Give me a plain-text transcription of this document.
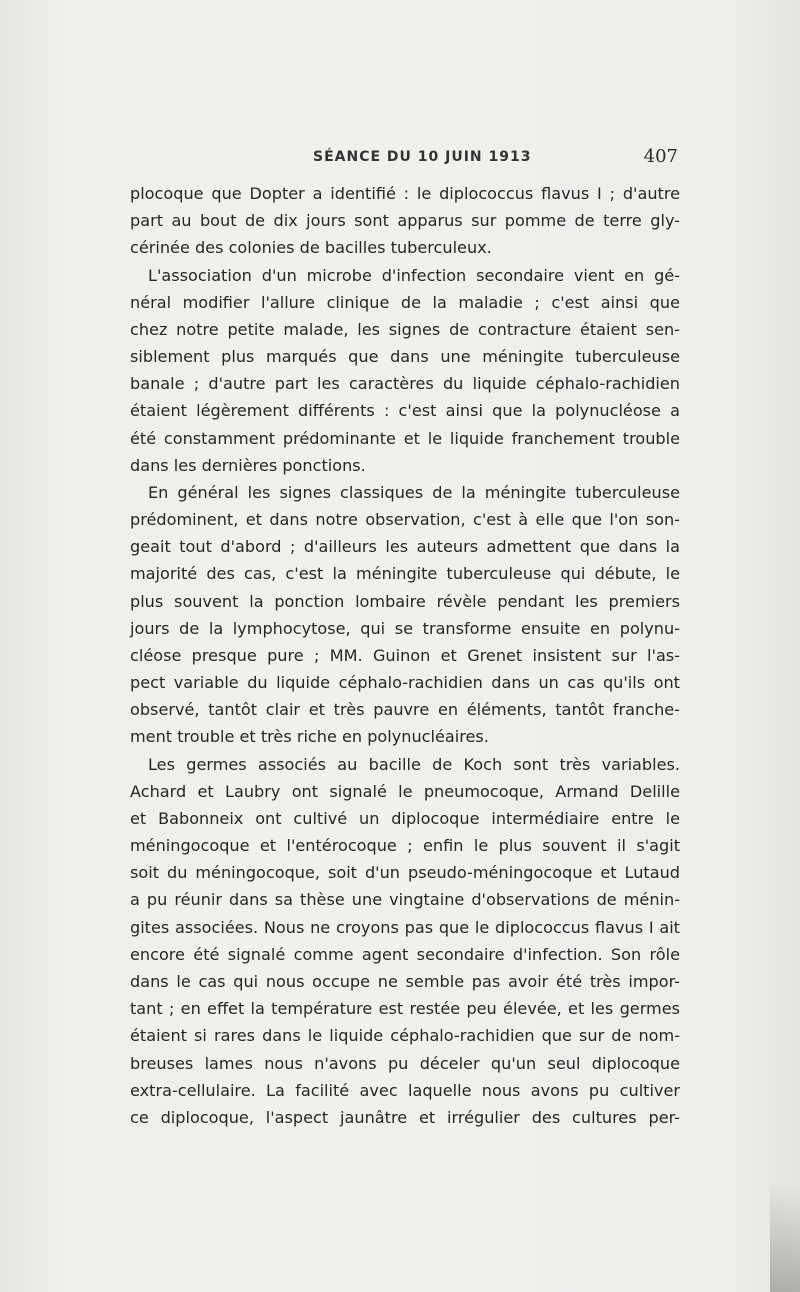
SÉANCE DU 10 JUIN 1913	407
plocoque que Dopter a identifié : le diplococcus flavus I ; d'autre
part au bout de dix jours sont apparus sur pomme de terre gly-
cérinée des colonies de bacilles tuberculeux.
L'association d'un microbe d'infection secondaire vient en gé-
néral modifier l'allure clinique de la maladie ; c'est ainsi que
chez notre petite malade, les signes de contracture étaient sen-
siblement plus marqués que dans une méningite tuberculeuse
banale ; d'autre part les caractères du liquide céphalo-rachidien
étaient légèrement différents : c'est ainsi que la polynucléose a
été constamment prédominante et le liquide franchement trouble
dans les dernières ponctions.
En général les signes classiques de la méningite tuberculeuse
prédominent, et dans notre observation, c'est à elle que l'on son-
geait tout d'abord ; d'ailleurs les auteurs admettent que dans la
majorité des cas, c'est la méningite tuberculeuse qui débute, le
plus souvent la ponction lombaire révèle pendant les premiers
jours de la lymphocytose, qui se transforme ensuite en polynu-
cléose presque pure ; MM. Guinon et Grenet insistent sur l'as-
pect variable du liquide céphalo-rachidien dans un cas qu'ils ont
observé, tantôt clair et très pauvre en éléments, tantôt franche-
ment trouble et très riche en polynucléaires.
Les germes associés au bacille de Koch sont très variables.
Achard et Laubry ont signalé le pneumocoque, Armand Delille
et Babonneix ont cultivé un diplocoque intermédiaire entre le
méningocoque et l'entérocoque ; enfin le plus souvent il s'agit
soit du méningocoque, soit d'un pseudo-méningocoque et Lutaud
a pu réunir dans sa thèse une vingtaine d'observations de ménin-
gites associées. Nous ne croyons pas que le diplococcus flavus I ait
encore été signalé comme agent secondaire d'infection. Son rôle
dans le cas qui nous occupe ne semble pas avoir été très impor-
tant ; en effet la température est restée peu élevée, et les germes
étaient si rares dans le liquide céphalo-rachidien que sur de nom-
breuses lames nous n'avons pu déceler qu'un seul diplocoque
extra-cellulaire. La facilité avec laquelle nous avons pu cultiver
ce diplocoque, l'aspect jaunâtre et irrégulier des cultures per-
